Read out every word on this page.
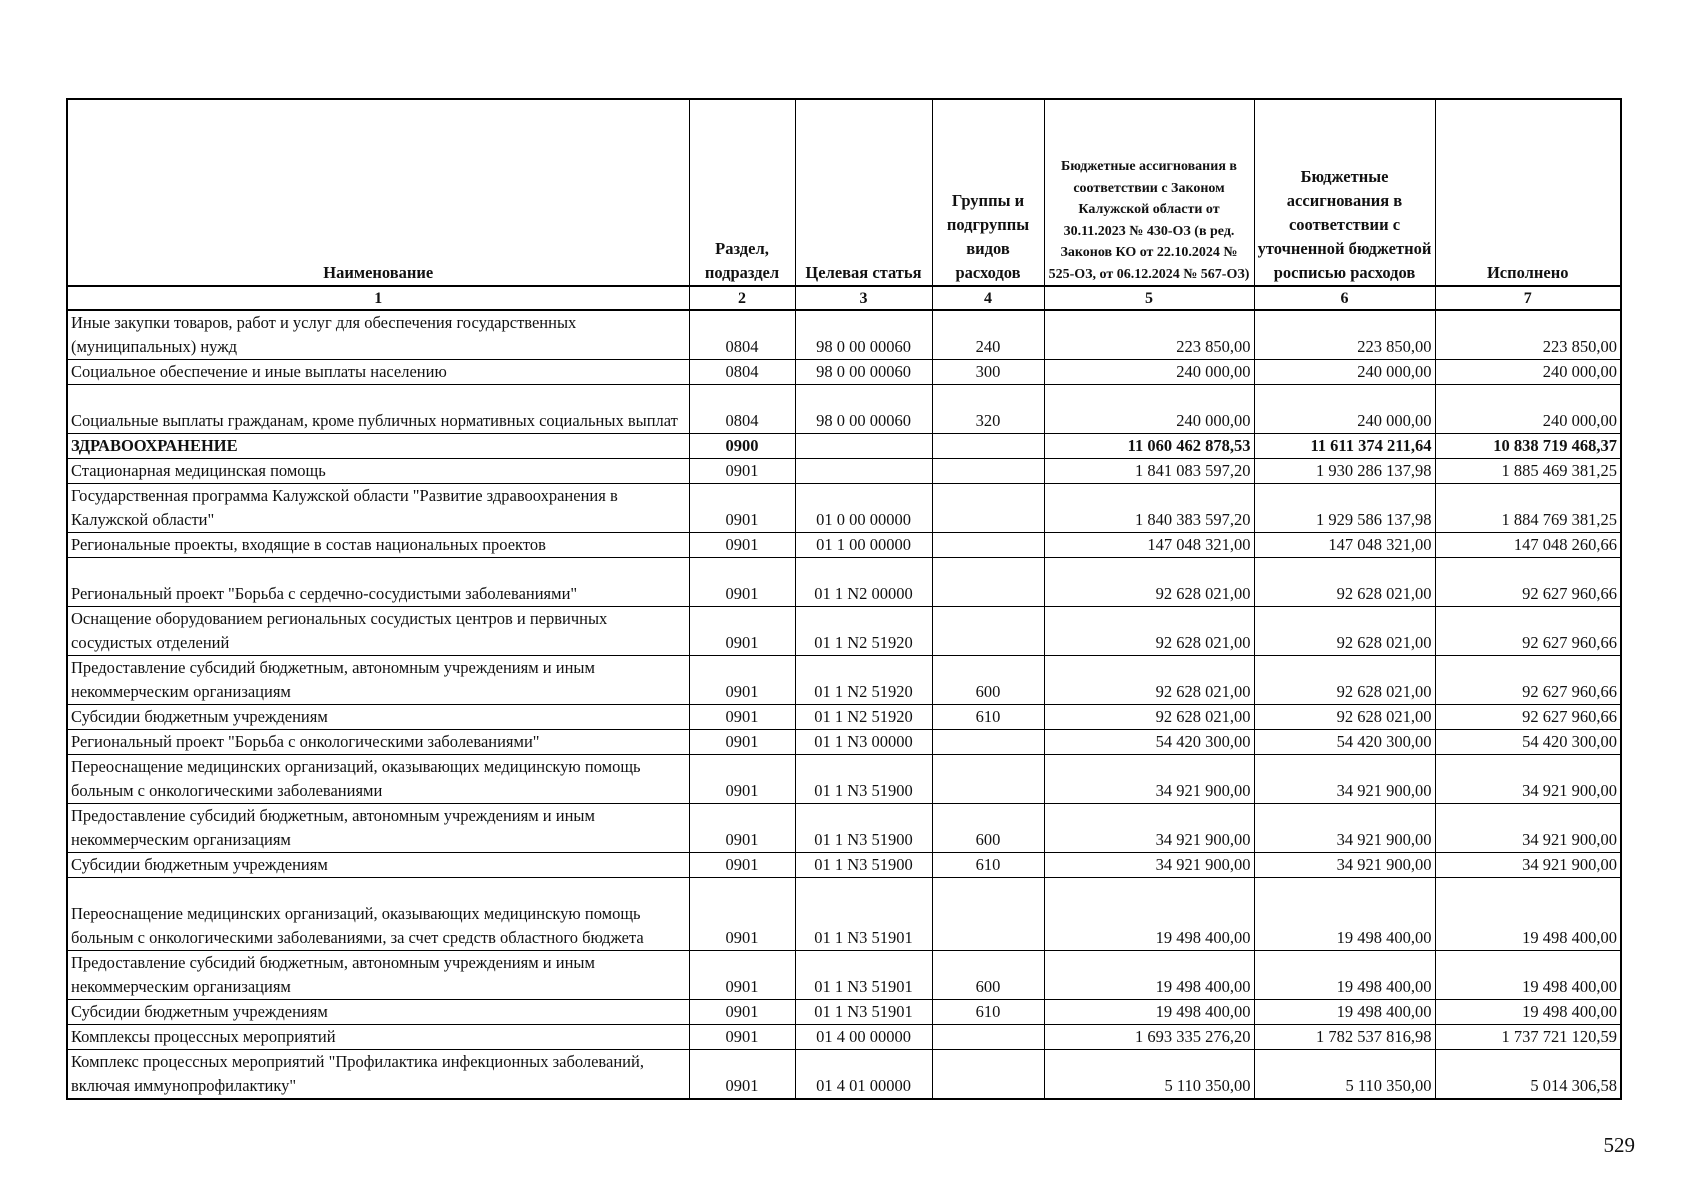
Наименование	Раздел, подраздел	Целевая статья	Группы и подгруппы видов расходов	Бюджетные ассигнования в соответствии с Законом Калужской области от 30.11.2023 № 430-ОЗ (в ред. Законов КО от 22.10.2024 № 525-ОЗ, от 06.12.2024 № 567-ОЗ)	Бюджетные ассигнования в соответствии с уточненной бюджетной росписью расходов	Исполнено
1	2	3	4	5	6	7
Иные закупки товаров, работ и услуг для обеспечения государственных (муниципальных) нужд	0804	98 0 00 00060	240	223 850,00	223 850,00	223 850,00
Социальное обеспечение и иные выплаты населению	0804	98 0 00 00060	300	240 000,00	240 000,00	240 000,00
Социальные выплаты гражданам, кроме публичных нормативных социальных выплат	0804	98 0 00 00060	320	240 000,00	240 000,00	240 000,00
ЗДРАВООХРАНЕНИЕ	0900			11 060 462 878,53	11 611 374 211,64	10 838 719 468,37
Стационарная медицинская помощь	0901			1 841 083 597,20	1 930 286 137,98	1 885 469 381,25
Государственная программа Калужской области "Развитие здравоохранения в Калужской области"	0901	01 0 00 00000		1 840 383 597,20	1 929 586 137,98	1 884 769 381,25
Региональные проекты, входящие в состав национальных проектов	0901	01 1 00 00000		147 048 321,00	147 048 321,00	147 048 260,66
Региональный проект "Борьба с сердечно-сосудистыми заболеваниями"	0901	01 1 N2 00000		92 628 021,00	92 628 021,00	92 627 960,66
Оснащение оборудованием региональных сосудистых центров и первичных сосудистых отделений	0901	01 1 N2 51920		92 628 021,00	92 628 021,00	92 627 960,66
Предоставление субсидий бюджетным, автономным учреждениям и иным некоммерческим организациям	0901	01 1 N2 51920	600	92 628 021,00	92 628 021,00	92 627 960,66
Субсидии бюджетным учреждениям	0901	01 1 N2 51920	610	92 628 021,00	92 628 021,00	92 627 960,66
Региональный проект "Борьба с онкологическими заболеваниями"	0901	01 1 N3 00000		54 420 300,00	54 420 300,00	54 420 300,00
Переоснащение медицинских организаций, оказывающих медицинскую помощь больным с онкологическими заболеваниями	0901	01 1 N3 51900		34 921 900,00	34 921 900,00	34 921 900,00
Предоставление субсидий бюджетным, автономным учреждениям и иным некоммерческим организациям	0901	01 1 N3 51900	600	34 921 900,00	34 921 900,00	34 921 900,00
Субсидии бюджетным учреждениям	0901	01 1 N3 51900	610	34 921 900,00	34 921 900,00	34 921 900,00
Переоснащение медицинских организаций, оказывающих медицинскую помощь больным с онкологическими заболеваниями, за счет средств областного бюджета	0901	01 1 N3 51901		19 498 400,00	19 498 400,00	19 498 400,00
Предоставление субсидий бюджетным, автономным учреждениям и иным некоммерческим организациям	0901	01 1 N3 51901	600	19 498 400,00	19 498 400,00	19 498 400,00
Субсидии бюджетным учреждениям	0901	01 1 N3 51901	610	19 498 400,00	19 498 400,00	19 498 400,00
Комплексы процессных мероприятий	0901	01 4 00 00000		1 693 335 276,20	1 782 537 816,98	1 737 721 120,59
Комплекс процессных мероприятий "Профилактика инфекционных заболеваний, включая иммунопрофилактику"	0901	01 4 01 00000		5 110 350,00	5 110 350,00	5 014 306,58
529
